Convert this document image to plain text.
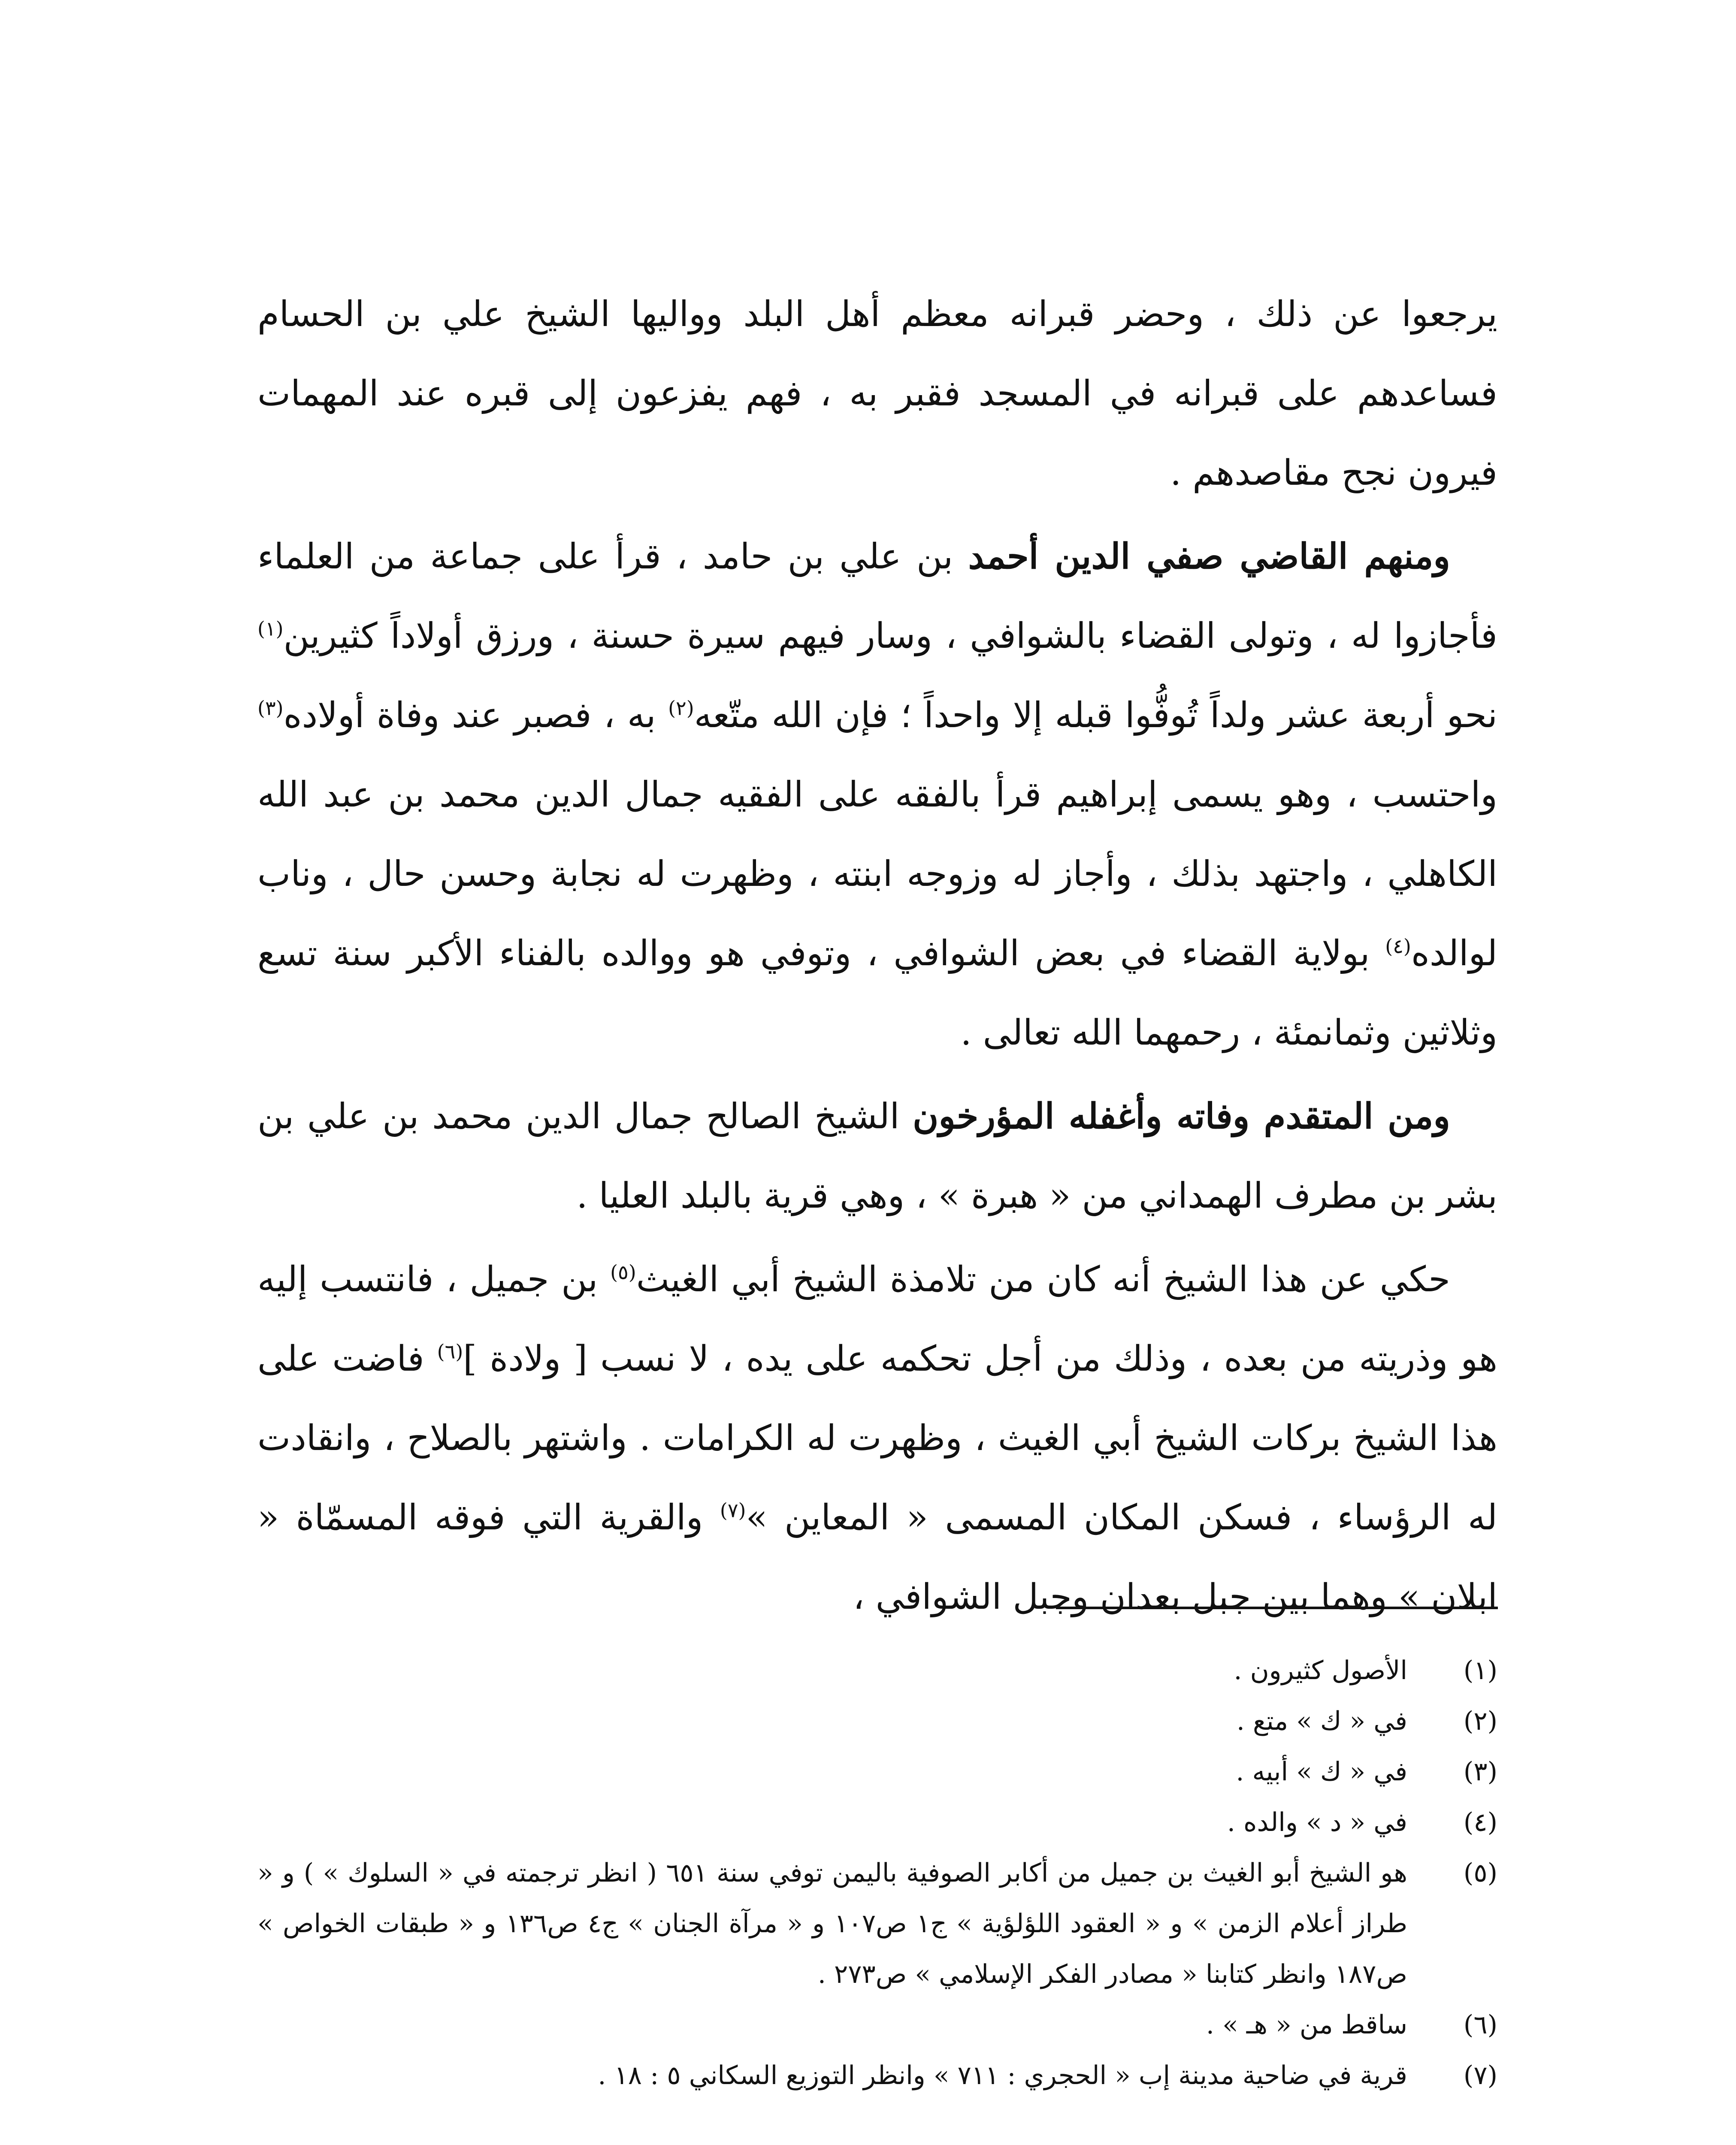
يرجعوا عن ذلك ، وحضر قبرانه معظم أهل البلد وواليها الشيخ علي بن الحسام فساعدهم على قبرانه في المسجد فقبر به ، فهم يفزعون إلى قبره عند المهمات فيرون نجح مقاصدهم .

ومنهم القاضي صفي الدين أحمد بن علي بن حامد ، قرأ على جماعة من العلماء فأجازوا له ، وتولى القضاء بالشوافي ، وسار فيهم سيرة حسنة ، ورزق أولاداً كثيرين$^{(١)}$ نحو أربعة عشر ولداً تُوفُّوا قبله إلا واحداً ؛ فإن الله متّعه$^{(٢)}$ به ، فصبر عند وفاة أولاده$^{(٣)}$ واحتسب ، وهو يسمى إبراهيم قرأ بالفقه على الفقيه جمال الدين محمد بن عبد الله الكاهلي ، واجتهد بذلك ، وأجاز له وزوجه ابنته ، وظهرت له نجابة وحسن حال ، وناب لوالده$^{(٤)}$ بولاية القضاء في بعض الشوافي ، وتوفي هو ووالده بالفناء الأكبر سنة تسع وثلاثين وثمانمئة ، رحمهما الله تعالى .

ومن المتقدم وفاته وأغفله المؤرخون الشيخ الصالح جمال الدين محمد بن علي بن بشر بن مطرف الهمداني من « هبرة » ، وهي قرية بالبلد العليا .

حكي عن هذا الشيخ أنه كان من تلامذة الشيخ أبي الغيث$^{(٥)}$ بن جميل ، فانتسب إليه هو وذريته من بعده ، وذلك من أجل تحكمه على يده ، لا نسب [ ولادة ]$^{(٦)}$ فاضت على هذا الشيخ بركات الشيخ أبي الغيث ، وظهرت له الكرامات . واشتهر بالصلاح ، وانقادت له الرؤساء ، فسكن المكان المسمى « المعاين »$^{(٧)}$ والقرية التي فوقه المسمّاة « ابلان » وهما بين جبل بعدان وجبل الشوافي ،

(١)
الأصول كثيرون .
(٢)
في « ك » متع .
(٣)
في « ك » أبيه .
(٤)
في « د » والده .
(٥)
هو الشيخ أبو الغيث بن جميل من أكابر الصوفية باليمن توفي سنة ٦٥١ ( انظر ترجمته في « السلوك » ) و « طراز أعلام الزمن » و « العقود اللؤلؤية » ج١ ص١٠٧ و « مرآة الجنان » ج٤ ص١٣٦ و « طبقات الخواص » ص١٨٧ وانظر كتابنا « مصادر الفكر الإسلامي » ص٢٧٣ .
(٦)
ساقط من « هـ » .
(٧)
قرية في ضاحية مدينة إب « الحجري : ٧١١ » وانظر التوزيع السكاني ٥ : ١٨ .
